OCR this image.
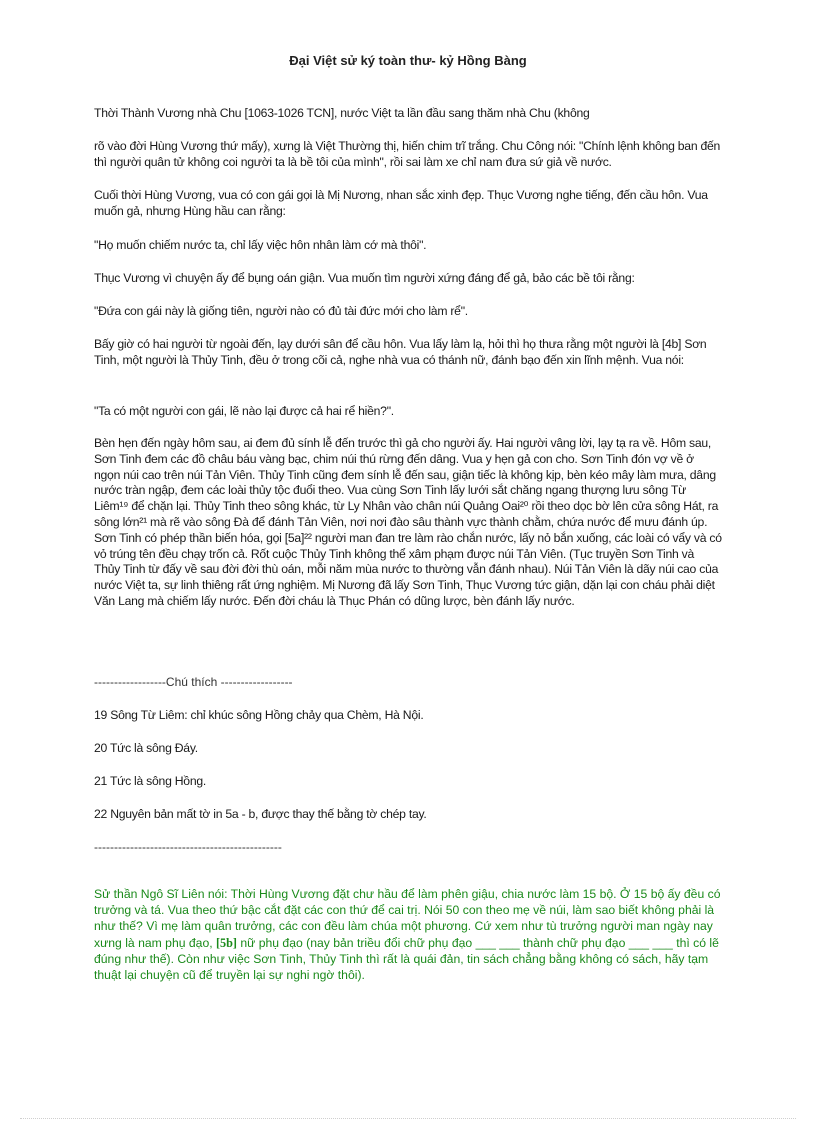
Đại Việt sử ký toàn thư- kỷ Hồng Bàng

Thời Thành Vương nhà Chu [1063-1026 TCN], nước Việt ta lần đầu sang thăm nhà Chu (không

rõ vào đời Hùng Vương thứ mấy), xưng là Việt Thường thị, hiến chim trĩ trắng. Chu Công nói: "Chính lệnh không ban đến thì người quân tử không coi người ta là bề tôi của mình", rồi sai làm xe chỉ nam đưa sứ giả về nước.

Cuối thời Hùng Vương, vua có con gái gọi là Mị Nương, nhan sắc xinh đẹp. Thục Vương nghe tiếng, đến cầu hôn. Vua muốn gả, nhưng Hùng hầu can rằng:

"Họ muốn chiếm nước ta, chỉ lấy việc hôn nhân làm cớ mà thôi".

Thục Vương vì chuyện ấy để bụng oán giận. Vua muốn tìm người xứng đáng để gả, bảo các bề tôi rằng:

"Đứa con gái này là giống tiên, người nào có đủ tài đức mới cho làm rể".

Bấy giờ có hai người từ ngoài đến, lạy dưới sân để cầu hôn. Vua lấy làm lạ, hỏi thì họ thưa rằng một người là [4b] Sơn Tinh, một người là Thủy Tinh, đều ở trong cõi cả, nghe nhà vua có thánh nữ, đánh bạo đến xin lĩnh mệnh. Vua nói:

"Ta có một người con gái, lẽ nào lại được cả hai rể hiền?".

Bèn hẹn đến ngày hôm sau, ai đem đủ sính lễ đến trước thì gả cho người ấy. Hai người vâng lời, lạy tạ ra về. Hôm sau, Sơn Tinh đem các đồ châu báu vàng bạc, chim núi thú rừng đến dâng. Vua y hẹn gả con cho. Sơn Tinh đón vợ về ở ngọn núi cao trên núi Tản Viên. Thủy Tinh cũng đem sính lễ đến sau, giận tiếc là không kịp, bèn kéo mây làm mưa, dâng nước tràn ngập, đem các loài thủy tộc đuổi theo. Vua cùng Sơn Tinh lấy lưới sắt chăng ngang thượng lưu sông Từ Liêm¹⁹ để chặn lại. Thủy Tinh theo sông khác, từ Ly Nhân vào chân núi Quảng Oai²⁰ rồi theo dọc bờ lên cửa sông Hát, ra sông lớn²¹ mà rẽ vào sông Đà để đánh Tản Viên, nơi nơi đào sâu thành vực thành chằm, chứa nước để mưu đánh úp. Sơn Tinh có phép thần biến hóa, gọi [5a]²² người man đan tre làm rào chắn nước, lấy nỏ bắn xuống, các loài có vẩy và có vỏ trúng tên đều chạy trốn cả. Rốt cuộc Thủy Tinh không thể xâm phạm được núi Tản Viên. (Tục truyền Sơn Tinh và Thủy Tinh từ đấy về sau đời đời thù oán, mỗi năm mùa nước to thường vẫn đánh nhau). Núi Tản Viên là dãy núi cao của nước Việt ta, sự linh thiêng rất ứng nghiệm. Mị Nương đã lấy Sơn Tinh, Thục Vương tức giận, dặn lại con cháu phải diệt Văn Lang mà chiếm lấy nước. Đến đời cháu là Thục Phán có dũng lược, bèn đánh lấy nước.

------------------Chú thích ------------------

19 Sông Từ Liêm: chỉ khúc sông Hồng chảy qua Chèm, Hà Nội.

20 Tức là sông Đáy.

21 Tức là sông Hồng.

22 Nguyên bản mất tờ in 5a - b, được thay thế bằng tờ chép tay.

-----------------------------------------------

Sử thần Ngô Sĩ Liên nói: Thời Hùng Vương đặt chư hầu để làm phên giậu, chia nước làm 15 bộ. Ở 15 bộ ấy đều có trưởng và tá. Vua theo thứ bậc cắt đặt các con thứ để cai trị. Nói 50 con theo mẹ về núi, làm sao biết không phải là như thế? Vì mẹ làm quân trưởng, các con đều làm chúa một phương. Cứ xem như tù trưởng người man ngày nay xưng là nam phụ đạo, [5b] nữ phụ đạo (nay bản triều đổi chữ phụ đạo ___ ___ thành chữ phụ đạo ___ ___ thì có lẽ đúng như thế). Còn như việc Sơn Tinh, Thủy Tinh thì rất là quái đản, tin sách chẳng bằng không có sách, hãy tạm thuật lại chuyện cũ để truyền lại sự nghi ngờ thôi).
